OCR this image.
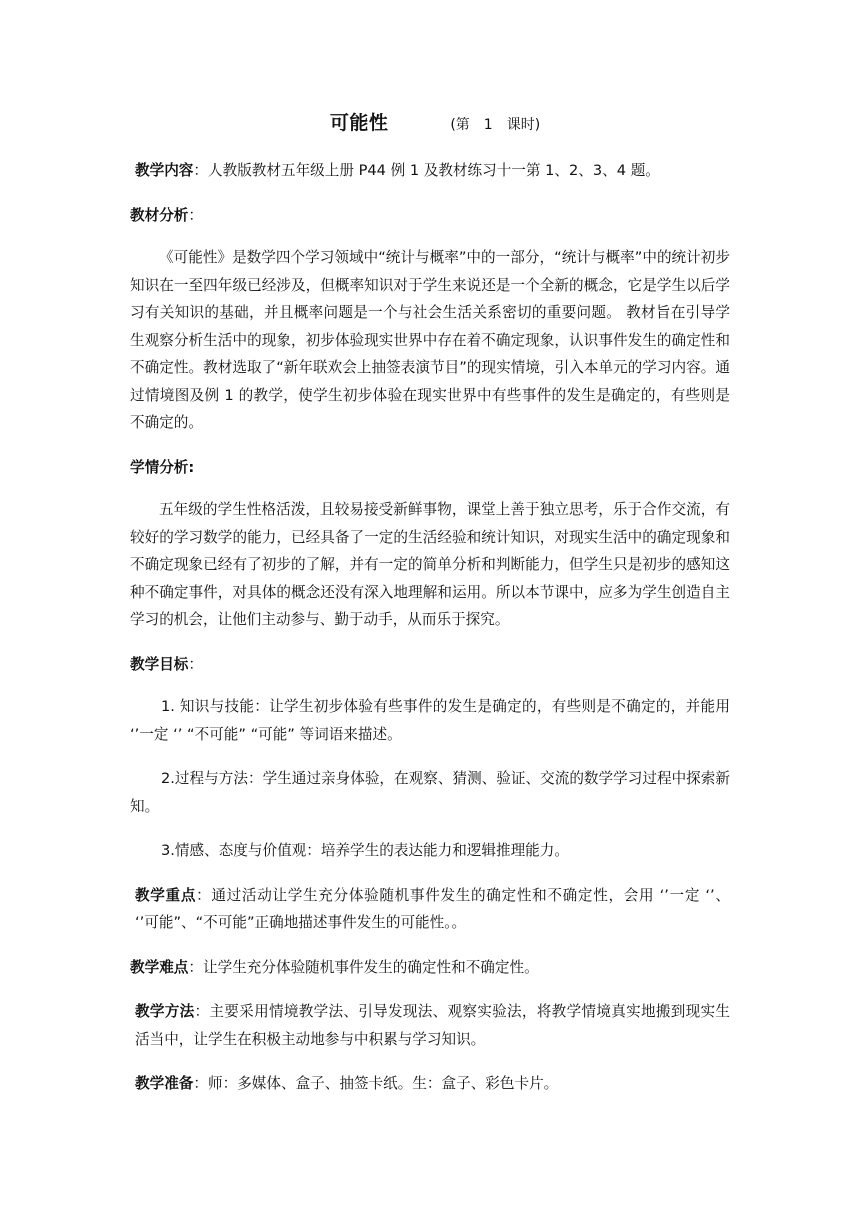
可能性	(第　1　课时)

教学内容：人教版教材五年级上册 P44 例 1 及教材练习十一第 1、2、3、4 题。

教材分析：

《可能性》是数学四个学习领域中“统计与概率”中的一部分，“统计与概率”中的统计初步知识在一至四年级已经涉及，但概率知识对于学生来说还是一个全新的概念，它是学生以后学习有关知识的基础，并且概率问题是一个与社会生活关系密切的重要问题。 教材旨在引导学生观察分析生活中的现象，初步体验现实世界中存在着不确定现象，认识事件发生的确定性和不确定性。教材选取了“新年联欢会上抽签表演节目”的现实情境，引入本单元的学习内容。通过情境图及例 1 的教学，使学生初步体验在现实世界中有些事件的发生是确定的，有些则是不确定的。

学情分析:

五年级的学生性格活泼，且较易接受新鲜事物，课堂上善于独立思考，乐于合作交流，有较好的学习数学的能力，已经具备了一定的生活经验和统计知识，对现实生活中的确定现象和不确定现象已经有了初步的了解，并有一定的简单分析和判断能力，但学生只是初步的感知这种不确定事件，对具体的概念还没有深入地理解和运用。所以本节课中，应多为学生创造自主学习的机会，让他们主动参与、勤于动手，从而乐于探究。

教学目标：

1. 知识与技能：让学生初步体验有些事件的发生是确定的，有些则是不确定的，并能用 ‘’一定 ‘’ “不可能” “可能” 等词语来描述。

2.过程与方法：学生通过亲身体验，在观察、猜测、验证、交流的数学学习过程中探索新知。

3.情感、态度与价值观：培养学生的表达能力和逻辑推理能力。

教学重点：通过活动让学生充分体验随机事件发生的确定性和不确定性，会用 ‘’一定 ‘’、 ‘’可能”、“不可能”正确地描述事件发生的可能性。。

教学难点：让学生充分体验随机事件发生的确定性和不确定性。

教学方法：主要采用情境教学法、引导发现法、观察实验法，将教学情境真实地搬到现实生活当中，让学生在积极主动地参与中积累与学习知识。

教学准备：师：多媒体、盒子、抽签卡纸。生：盒子、彩色卡片。
